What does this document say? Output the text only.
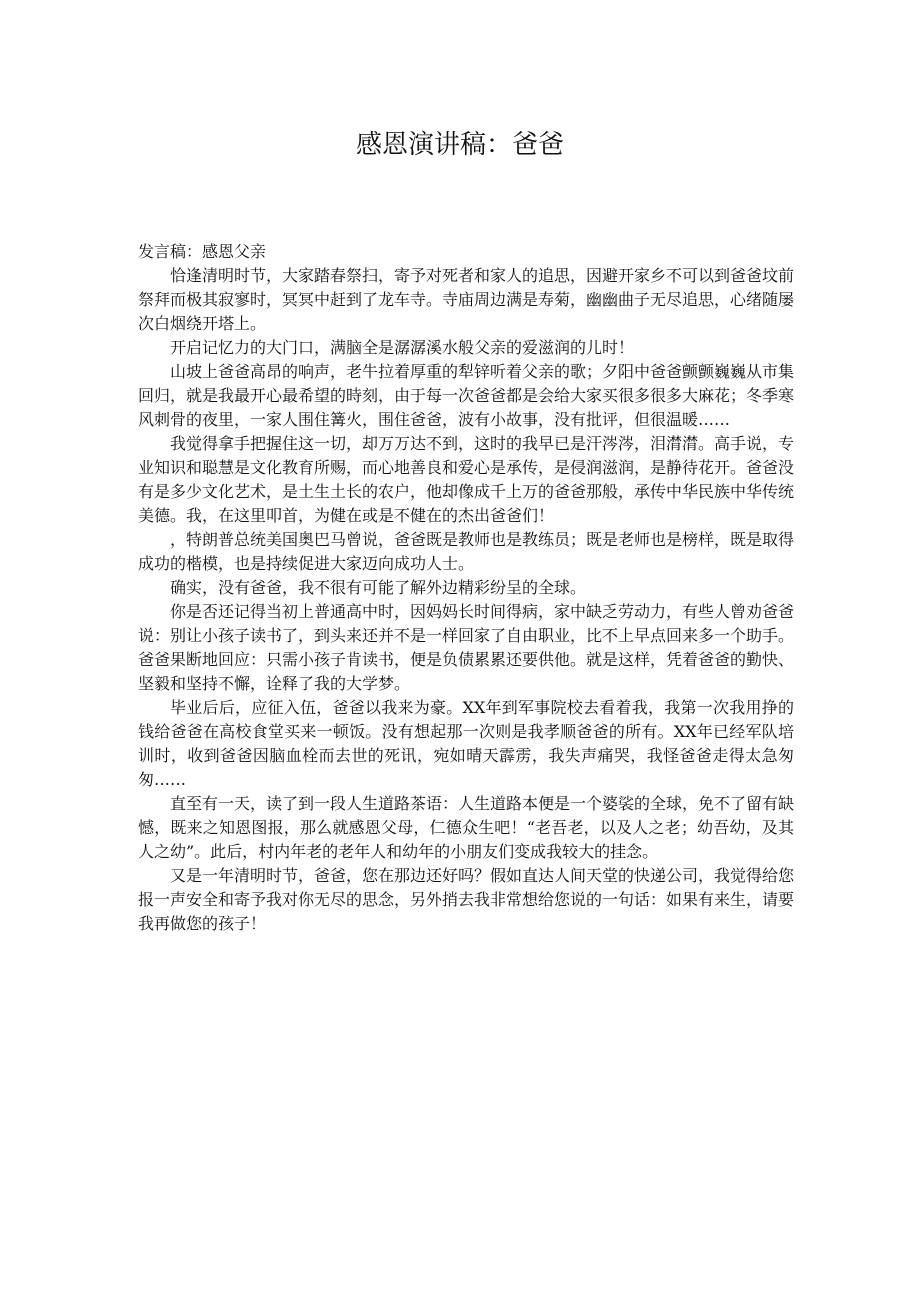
感恩演讲稿：爸爸

发言稿：感恩父亲

恰逢清明时节，大家踏春祭扫，寄予对死者和家人的追思，因避开家乡不可以到爸爸坟前祭拜而极其寂寥时，冥冥中赶到了龙车寺。寺庙周边满是寿菊，幽幽曲子无尽追思，心绪随屡次白烟绕开塔上。

开启记忆力的大门口，满脑全是潺潺溪水般父亲的爱滋润的儿时！

山坡上爸爸高昂的响声，老牛拉着厚重的犁锌听着父亲的歌；夕阳中爸爸颤颤巍巍从市集回归，就是我最开心最希望的時刻，由于每一次爸爸都是会给大家买很多很多大麻花；冬季寒风刺骨的夜里，一家人围住篝火，围住爸爸，波有小故事，没有批评，但很温暖……

我觉得拿手把握住这一切，却万万达不到，这时的我早已是汗涔涔，泪潸潸。高手说，专业知识和聪慧是文化教育所赐，而心地善良和爱心是承传，是侵润滋润，是静待花开。爸爸没有是多少文化艺术，是土生土长的农户，他却像成千上万的爸爸那般，承传中华民族中华传统美德。我，在这里叩首，为健在或是不健在的杰出爸爸们！

，特朗普总统美国奥巴马曾说，爸爸既是教师也是教练员；既是老师也是榜样，既是取得成功的楷模，也是持续促进大家迈向成功人士。

确实，没有爸爸，我不很有可能了解外边精彩纷呈的全球。

你是否还记得当初上普通高中时，因妈妈长时间得病，家中缺乏劳动力，有些人曾劝爸爸说：别让小孩子读书了，到头来还并不是一样回家了自由职业，比不上早点回来多一个助手。爸爸果断地回应：只需小孩子肯读书，便是负债累累还要供他。就是这样，凭着爸爸的勤快、坚毅和坚持不懈，诠释了我的大学梦。

毕业后后，应征入伍，爸爸以我来为豪。XX年到军事院校去看着我，我第一次我用挣的钱给爸爸在高校食堂买来一顿饭。没有想起那一次则是我孝顺爸爸的所有。XX年已经军队培训时，收到爸爸因脑血栓而去世的死讯，宛如晴天霹雳，我失声痛哭，我怪爸爸走得太急匆匆……

直至有一天，读了到一段人生道路茶语：人生道路本便是一个婆裟的全球，免不了留有缺憾，既来之知恩图报，那么就感恩父母，仁德众生吧！“老吾老，以及人之老；幼吾幼，及其人之幼”。此后，村内年老的老年人和幼年的小朋友们变成我较大的挂念。

又是一年清明时节，爸爸，您在那边还好吗？假如直达人间天堂的快递公司，我觉得给您报一声安全和寄予我对你无尽的思念，另外捎去我非常想给您说的一句话：如果有来生，请要我再做您的孩子！
